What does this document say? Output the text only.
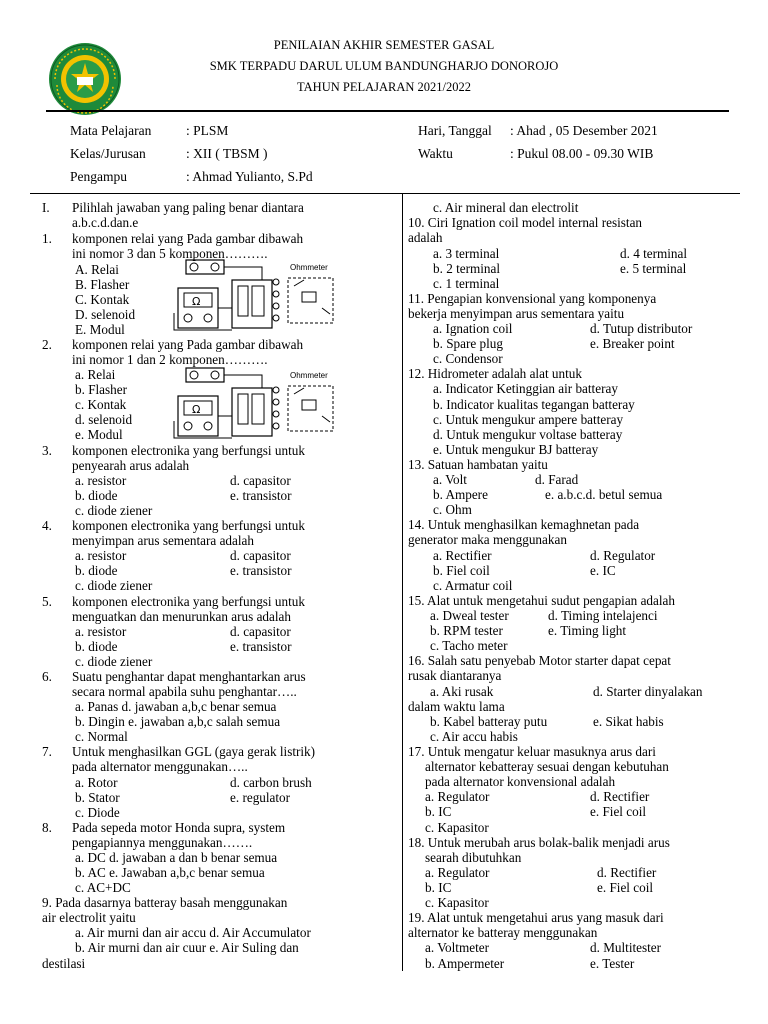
PENILAIAN AKHIR SEMESTER GASAL
SMK TERPADU DARUL ULUM BANDUNGHARJO DONOROJO
TAHUN PELAJARAN 2021/2022
Mata Pelajaran	: PLSM
Kelas/Jurusan	: XII ( TBSM )
Pengampu	: Ahmad Yulianto, S.Pd
Hari, Tanggal : Ahad , 05 Desember 2021
Waktu	: Pukul 08.00 - 09.30 WIB
I. Pilihlah jawaban yang paling benar diantara
a.b.c.d.dan.e
1. komponen relai yang Pada gambar dibawah
ini nomor 3 dan 5 komponen……….
A. Relai
B. Flasher
C. Kontak
D. selenoid
E. Modul
2. komponen relai yang Pada gambar dibawah
ini nomor 1 dan 2 komponen……….
a. Relai
b. Flasher
c. Kontak
d. selenoid
e. Modul
3. komponen electronika yang berfungsi untuk
penyearah arus adalah
a. resistor	d. capasitor
b. diode	e. transistor
c. diode ziener
4. komponen electronika yang berfungsi untuk
menyimpan arus sementara adalah
a. resistor	d. capasitor
b. diode	e. transistor
c. diode ziener
5. komponen electronika yang berfungsi untuk
menguatkan dan menurunkan arus adalah
a. resistor	d. capasitor
b. diode	e. transistor
c. diode ziener
6. Suatu penghantar dapat menghantarkan arus
secara normal apabila suhu penghantar…..
a. Panas d. jawaban a,b,c benar semua
b. Dingin e. jawaban a,b,c salah semua
c. Normal
7. Untuk menghasilkan GGL (gaya gerak listrik)
pada alternator menggunakan…..
a. Rotor	d. carbon brush
b. Stator	e. regulator
c. Diode
8. Pada sepeda motor Honda supra, system
pengapiannya menggunakan…….
a. DC d. jawaban a dan b benar semua
b. AC e. Jawaban a,b,c benar semua
c. AC+DC
9. Pada dasarnya batteray basah menggunakan
air electrolit yaitu
a. Air murni dan air accu d. Air Accumulator
b. Air murni dan air cuur e. Air Suling dan
destilasi
c. Air mineral dan electrolit
10. Ciri Ignation coil model internal resistan
adalah
a. 3 terminal	d. 4 terminal
b. 2 terminal	e. 5 terminal
c. 1 terminal
11. Pengapian konvensional yang komponenya
bekerja menyimpan arus sementara yaitu
a. Ignation coil	d. Tutup distributor
b. Spare plug	e. Breaker point
c. Condensor
12. Hidrometer adalah alat untuk
a. Indicator Ketinggian air batteray
b. Indicator kualitas tegangan batteray
c. Untuk mengukur ampere batteray
d. Untuk mengukur voltase batteray
e. Untuk mengukur BJ batteray
13. Satuan hambatan yaitu
a. Volt	d. Farad
b. Ampere	e. a.b.c.d. betul semua
c. Ohm
14. Untuk menghasilkan kemaghnetan pada
generator maka menggunakan
a. Rectifier	d. Regulator
b. Fiel coil	e. IC
c. Armatur coil
15. Alat untuk mengetahui sudut pengapian adalah
a. Dweal tester	d. Timing intelajenci
b. RPM tester	e. Timing light
c. Tacho meter
16. Salah satu penyebab Motor starter dapat cepat
rusak diantaranya
a. Aki rusak	d. Starter dinyalakan
dalam waktu lama
b. Kabel batteray putu	e. Sikat habis
c. Air accu habis
17. Untuk mengatur keluar masuknya arus dari
alternator kebatteray sesuai dengan kebutuhan
pada alternator konvensional adalah
a. Regulator	d. Rectifier
b. IC	e. Fiel coil
c. Kapasitor
18. Untuk merubah arus bolak-balik menjadi arus
searah dibutuhkan
a. Regulator	d. Rectifier
b. IC	e. Fiel coil
c. Kapasitor
19. Alat untuk mengetahui arus yang masuk dari
alternator ke batteray menggunakan
a. Voltmeter	d. Multitester
b. Ampermeter	e. Tester
Ω
Ohmmeter
Ω
Ohmmeter
